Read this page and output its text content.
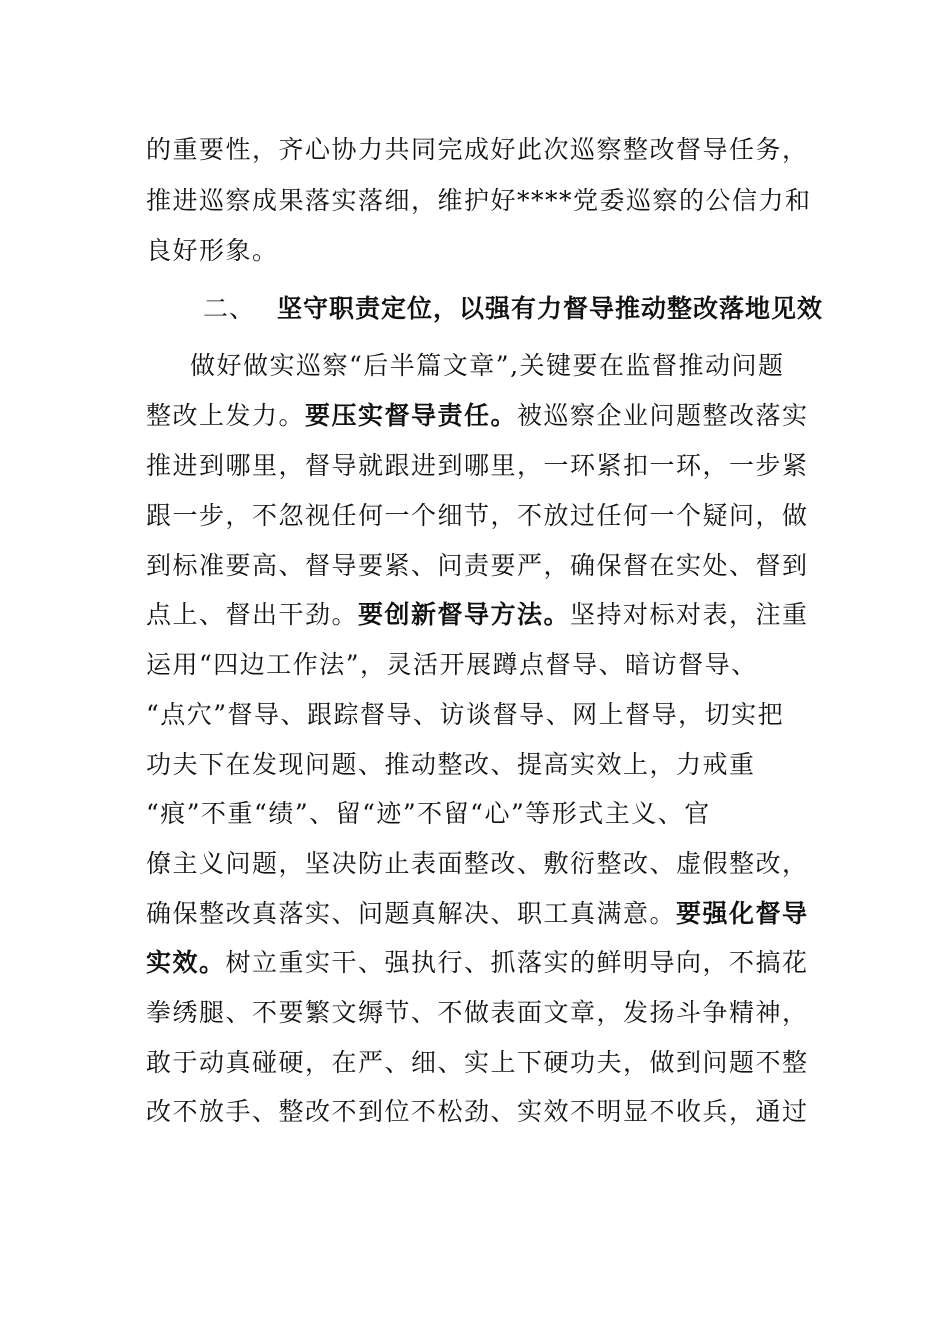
的重要性，齐心协力共同完成好此次巡察整改督导任务，
推进巡察成果落实落细，维护好****党委巡察的公信力和
良好形象。
二、 坚守职责定位，以强有力督导推动整改落地见效
做好做实巡察“后半篇文章”,关键要在监督推动问题
整改上发力。要压实督导责任。被巡察企业问题整改落实
推进到哪里，督导就跟进到哪里，一环紧扣一环，一步紧
跟一步，不忽视任何一个细节，不放过任何一个疑问，做
到标准要高、督导要紧、问责要严，确保督在实处、督到
点上、督出干劲。要创新督导方法。坚持对标对表，注重
运用“四边工作法”，灵活开展蹲点督导、暗访督导、
“点穴”督导、跟踪督导、访谈督导、网上督导，切实把
功夫下在发现问题、推动整改、提高实效上，力戒重
“痕”不重“绩”、留“迹”不留“心”等形式主义、官
僚主义问题，坚决防止表面整改、敷衍整改、虚假整改，
确保整改真落实、问题真解决、职工真满意。要强化督导
实效。树立重实干、强执行、抓落实的鲜明导向，不搞花
拳绣腿、不要繁文缛节、不做表面文章，发扬斗争精神，
敢于动真碰硬，在严、细、实上下硬功夫，做到问题不整
改不放手、整改不到位不松劲、实效不明显不收兵，通过
